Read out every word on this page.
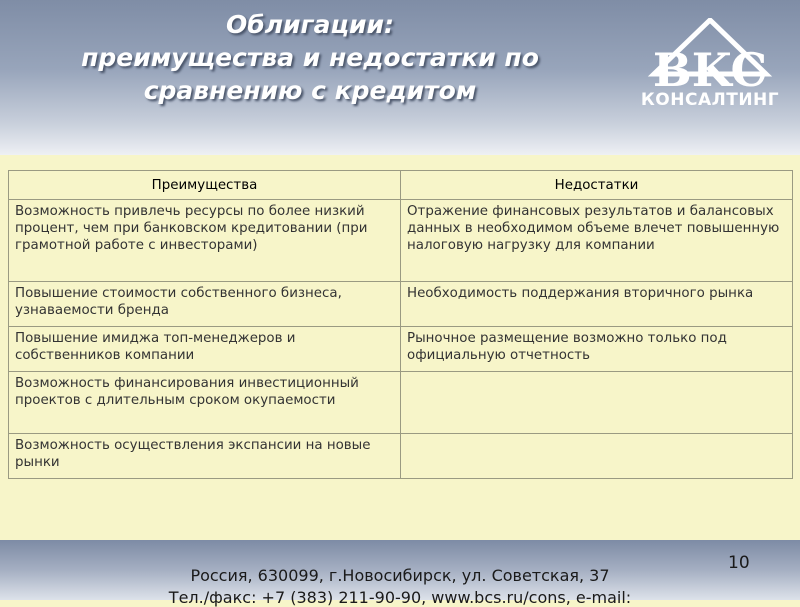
Облигации:
преимущества и недостатки по
сравнению с кредитом	BKC
КОНСАЛТИНГ
Преимущества	Недостатки
Возможность привлечь ресурсы по более низкий процент, чем при банковском кредитовании (при грамотной работе с инвесторами)	Отражение финансовых результатов и балансовых данных в необходимом объеме влечет повышенную налоговую нагрузку для компании
Повышение стоимости собственного бизнеса, узнаваемости бренда	Необходимость поддержания вторичного рынка
Повышение имиджа топ-менеджеров и собственников компании	Рыночное размещение возможно только под официальную отчетность
Возможность финансирования инвестиционный проектов с длительным сроком окупаемости	
Возможность осуществления экспансии на новые рынки	
Россия, 630099, г.Новосибирск, ул. Советская, 37
Тел./факс: +7 (383) 211-90-90, www.bcs.ru/cons, e-mail:
10
